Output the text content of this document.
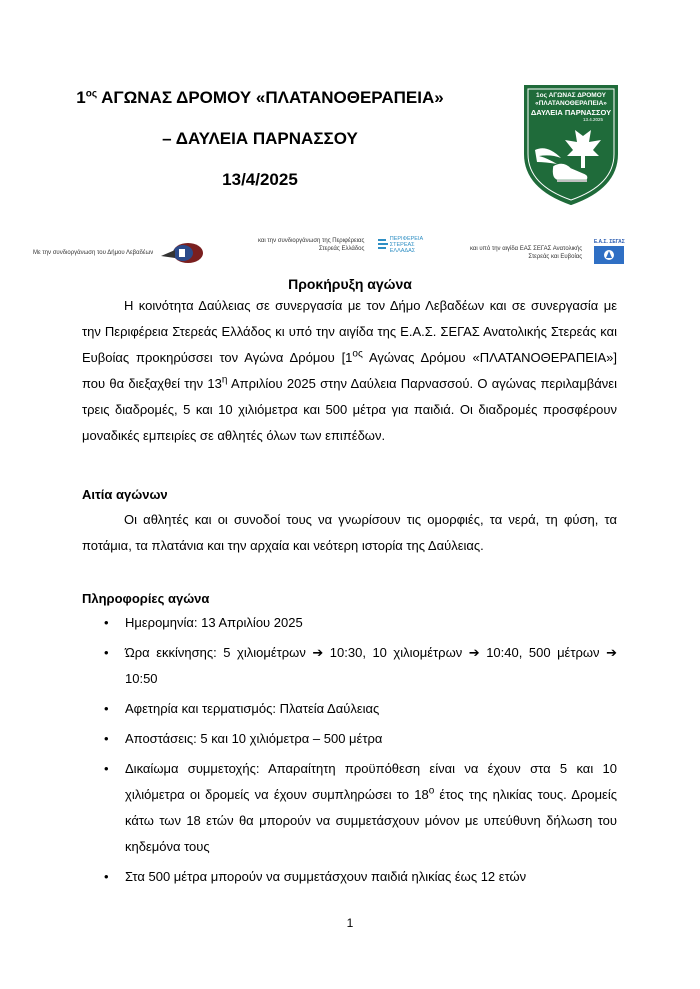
$1^{o\varsigma}$ ΑΓΩΝΑΣ ΔΡΟΜΟΥ «ΠΛΑΤΑΝΟΘΕΡΑΠΕΙΑ»
– ΔΑΥΛΕΙΑ ΠΑΡΝΑΣΣΟΥ
13/4/2025
1ος ΑΓΩΝΑΣ ΔΡΟΜΟΥ
«ΠΛΑΤΑΝΟΘΕΡΑΠΕΙΑ»
ΔΑΥΛΕΙΑ ΠΑΡΝΑΣΣΟΥ
13.4.2025
Με την συνδιοργάνωση του Δήμου Λεβαδέων
και την συνδιοργάνωση της Περιφέρειας
Στερεάς Ελλάδος
ΠΕΡΙΦΕΡΕΙΑ
ΣΤΕΡΕΑΣ
ΕΛΛΑΔΑΣ	και υπό την αιγίδα ΕΑΣ ΣΕΓΑΣ Ανατολικής
Στερεάς και Ευβοίας

Ε.Α.Σ. ΣΕΓΑΣ
Προκήρυξη αγώνα

Η κοινότητα Δαύλειας σε συνεργασία με τον Δήμο Λεβαδέων και σε συνεργασία με την Περιφέρεια Στερεάς Ελλάδος κι υπό την αιγίδα της Ε.Α.Σ. ΣΕΓΑΣ Ανατολικής Στερεάς και Ευβοίας προκηρύσσει τον Αγώνα Δρόμου [$1^{o\varsigma}$ Αγώνας Δρόμου «ΠΛΑΤΑΝΟΘΕΡΑΠΕΙΑ»] που θα διεξαχθεί την $13^\eta$ Απριλίου 2025 στην Δαύλεια Παρνασσού. Ο αγώνας περιλαμβάνει τρεις διαδρομές, 5 και 10 χιλιόμετρα και 500 μέτρα για παιδιά. Οι διαδρομές προσφέρουν μοναδικές εμπειρίες σε αθλητές όλων των επιπέδων.

Αιτία αγώνων

Οι αθλητές και οι συνοδοί τους να γνωρίσουν τις ομορφιές, τα νερά, τη φύση, τα ποτάμια, τα πλατάνια και την αρχαία και νεότερη ιστορία της Δαύλειας.

Πληροφορίες αγώνα
• Ημερομηνία: 13 Απριλίου 2025
• Ώρα εκκίνησης: 5 χιλιομέτρων ➔ 10:30, 10 χιλιομέτρων ➔ 10:40, 500 μέτρων ➔ 10:50
• Αφετηρία και τερματισμός: Πλατεία Δαύλειας
• Αποστάσεις: 5 και 10 χιλιόμετρα – 500 μέτρα
• Δικαίωμα συμμετοχής: Απαραίτητη προϋπόθεση είναι να έχουν στα 5 και 10 χιλιόμετρα οι δρομείς να έχουν συμπληρώσει το $18^o$ έτος της ηλικίας τους. Δρομείς κάτω των 18 ετών θα μπορούν να συμμετάσχουν μόνον με υπεύθυνη δήλωση του κηδεμόνα τους
• Στα 500 μέτρα μπορούν να συμμετάσχουν παιδιά ηλικίας έως 12 ετών
1
